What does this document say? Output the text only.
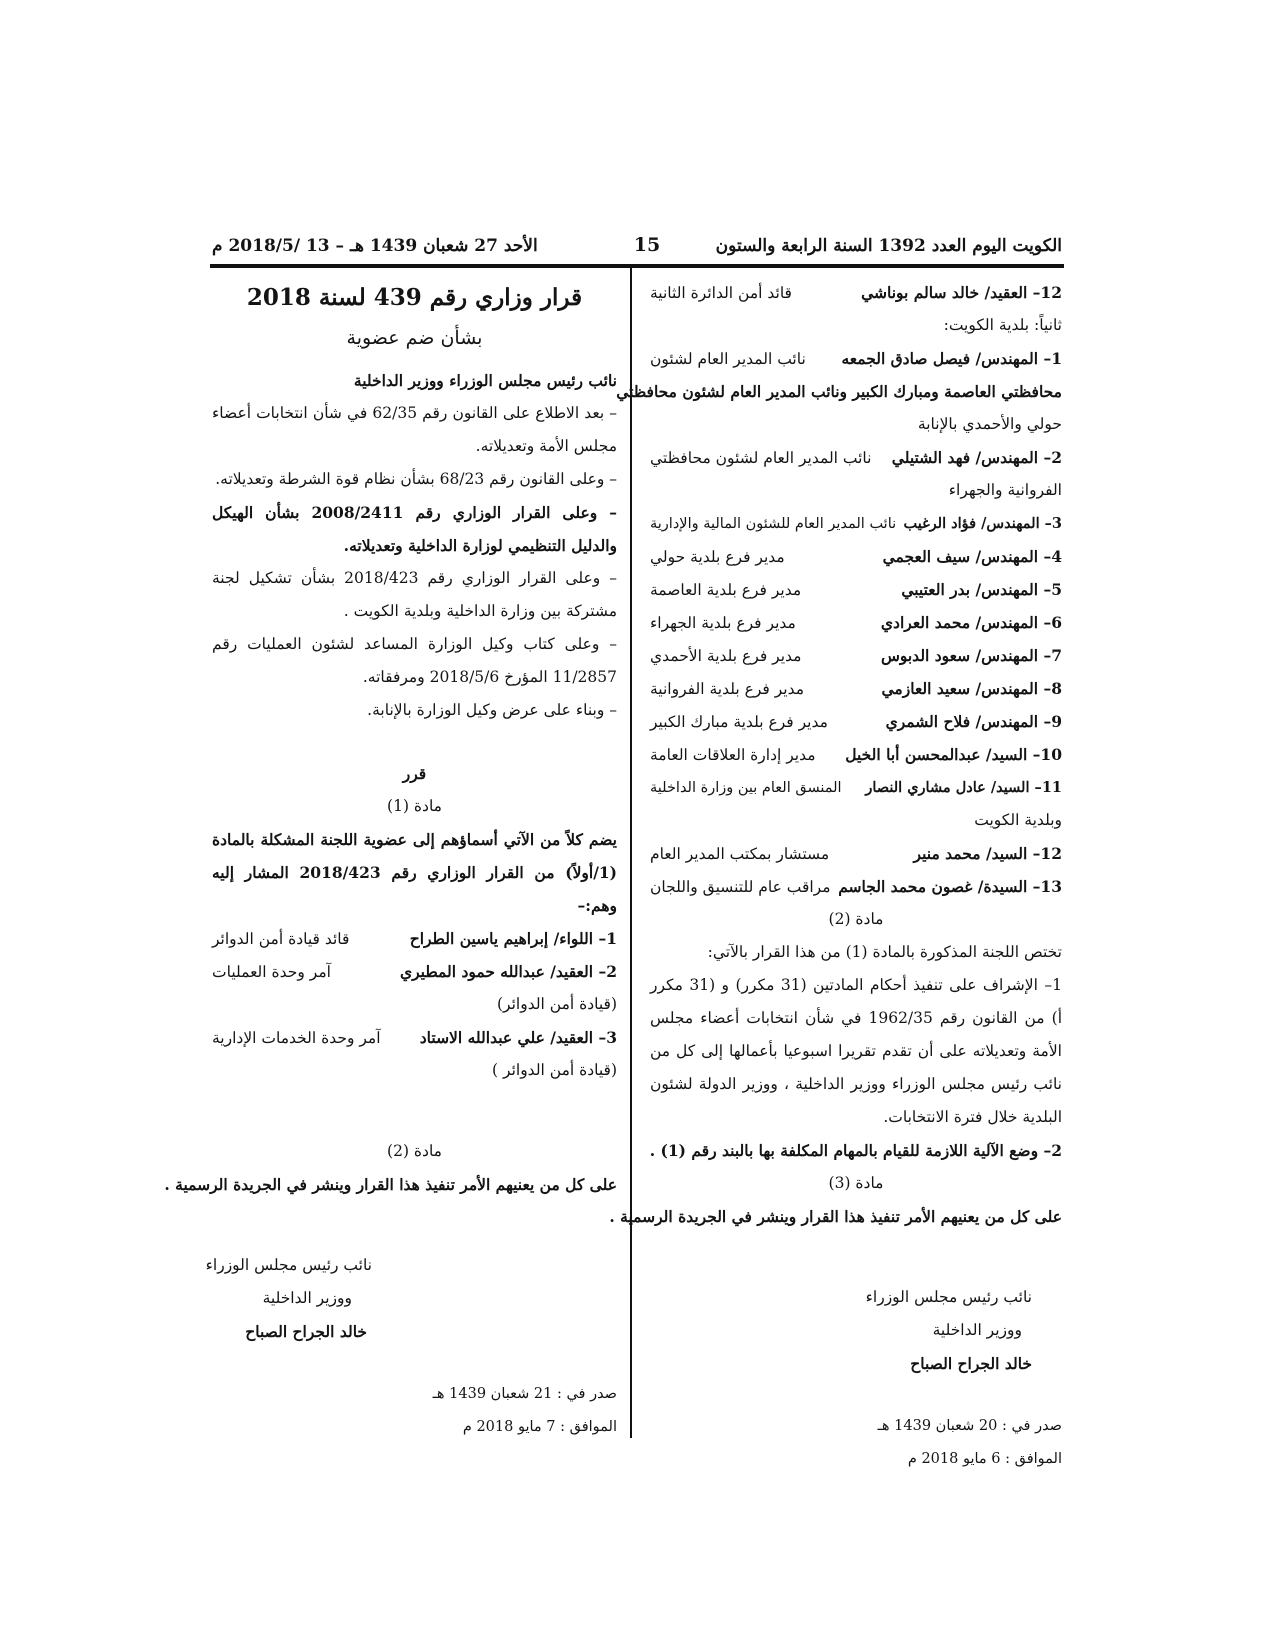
الكويت اليوم العدد 1392 السنة الرابعة والستون
15
الأحد 27 شعبان 1439 هـ – 13 /2018/5 م
12– العقيد/ خالد سالم بوناشي
قائد أمن الدائرة الثانية
ثانياً: بلدية الكويت:
1– المهندس/ فيصل صادق الجمعه
نائب المدير العام لشئون
محافظتي العاصمة ومبارك الكبير ونائب المدير العام لشئون محافظتي
حولي والأحمدي بالإنابة
2– المهندس/ فهد الشتيلي
نائب المدير العام لشئون محافظتي
الفروانية والجهراء
3– المهندس/ فؤاد الرغيب
نائب المدير العام للشئون المالية والإدارية
4– المهندس/ سيف العجمي
مدير فرع بلدية حولي
5– المهندس/ بدر العتيبي
مدير فرع بلدية العاصمة
6– المهندس/ محمد العرادي
مدير فرع بلدية الجهراء
7– المهندس/ سعود الدبوس
مدير فرع بلدية الأحمدي
8– المهندس/ سعيد العازمي
مدير فرع بلدية الفروانية
9– المهندس/ فلاح الشمري
مدير فرع بلدية مبارك الكبير
10– السيد/ عبدالمحسن أبا الخيل
مدير إدارة العلاقات العامة
11– السيد/ عادل مشاري النصار
المنسق العام بين وزارة الداخلية
وبلدية الكويت
12– السيد/ محمد منير
مستشار بمكتب المدير العام
13– السيدة/ غصون محمد الجاسم
مراقب عام للتنسيق واللجان
مادة (2)
تختص اللجنة المذكورة بالمادة (1) من هذا القرار بالآتي:
1– الإشراف على تنفيذ أحكام المادتين (31 مكرر) و (31 مكرر أ) من القانون رقم 1962/35 في شأن انتخابات أعضاء مجلس الأمة وتعديلاته على أن تقدم تقريرا اسبوعيا بأعمالها إلى كل من نائب رئيس مجلس الوزراء ووزير الداخلية ، ووزير الدولة لشئون البلدية خلال فترة الانتخابات.
2– وضع الآلية اللازمة للقيام بالمهام المكلفة بها بالبند رقم (1) .
مادة (3)
على كل من يعنيهم الأمر تنفيذ هذا القرار وينشر في الجريدة الرسمية .
نائب رئيس مجلس الوزراء
ووزير الداخلية
خالد الجراح الصباح
صدر في : 20 شعبان 1439 هـ
الموافق : 6 مايو 2018 م
قرار وزاري رقم 439 لسنة 2018
بشأن ضم عضوية
نائب رئيس مجلس الوزراء ووزير الداخلية
– بعد الاطلاع على القانون رقم 62/35 في شأن انتخابات أعضاء مجلس الأمة وتعديلاته.
– وعلى القانون رقم 68/23 بشأن نظام قوة الشرطة وتعديلاته.
– وعلى القرار الوزاري رقم 2008/2411 بشأن الهيكل والدليل التنظيمي لوزارة الداخلية وتعديلاته.
– وعلى القرار الوزاري رقم 2018/423 بشأن تشكيل لجنة مشتركة بين وزارة الداخلية وبلدية الكويت .
– وعلى كتاب وكيل الوزارة المساعد لشئون العمليات رقم 11/2857 المؤرخ 2018/5/6 ومرفقاته.
– وبناء على عرض وكيل الوزارة بالإنابة.
قرر
مادة (1)
يضم كلاً من الآتي أسماؤهم إلى عضوية اللجنة المشكلة بالمادة (1/أولاً) من القرار الوزاري رقم 2018/423 المشار إليه وهم:–
1– اللواء/ إبراهيم ياسين الطراح
قائد قيادة أمن الدوائر
2– العقيد/ عبدالله حمود المطيري
آمر وحدة العمليات
(قيادة أمن الدوائر)
3– العقيد/ علي عبدالله الاستاد
آمر وحدة الخدمات الإدارية
(قيادة أمن الدوائر )
مادة (2)
على كل من يعنيهم الأمر تنفيذ هذا القرار وينشر في الجريدة الرسمية .
نائب رئيس مجلس الوزراء
ووزير الداخلية
خالد الجراح الصباح
صدر في : 21 شعبان 1439 هـ
الموافق : 7 مايو 2018 م
